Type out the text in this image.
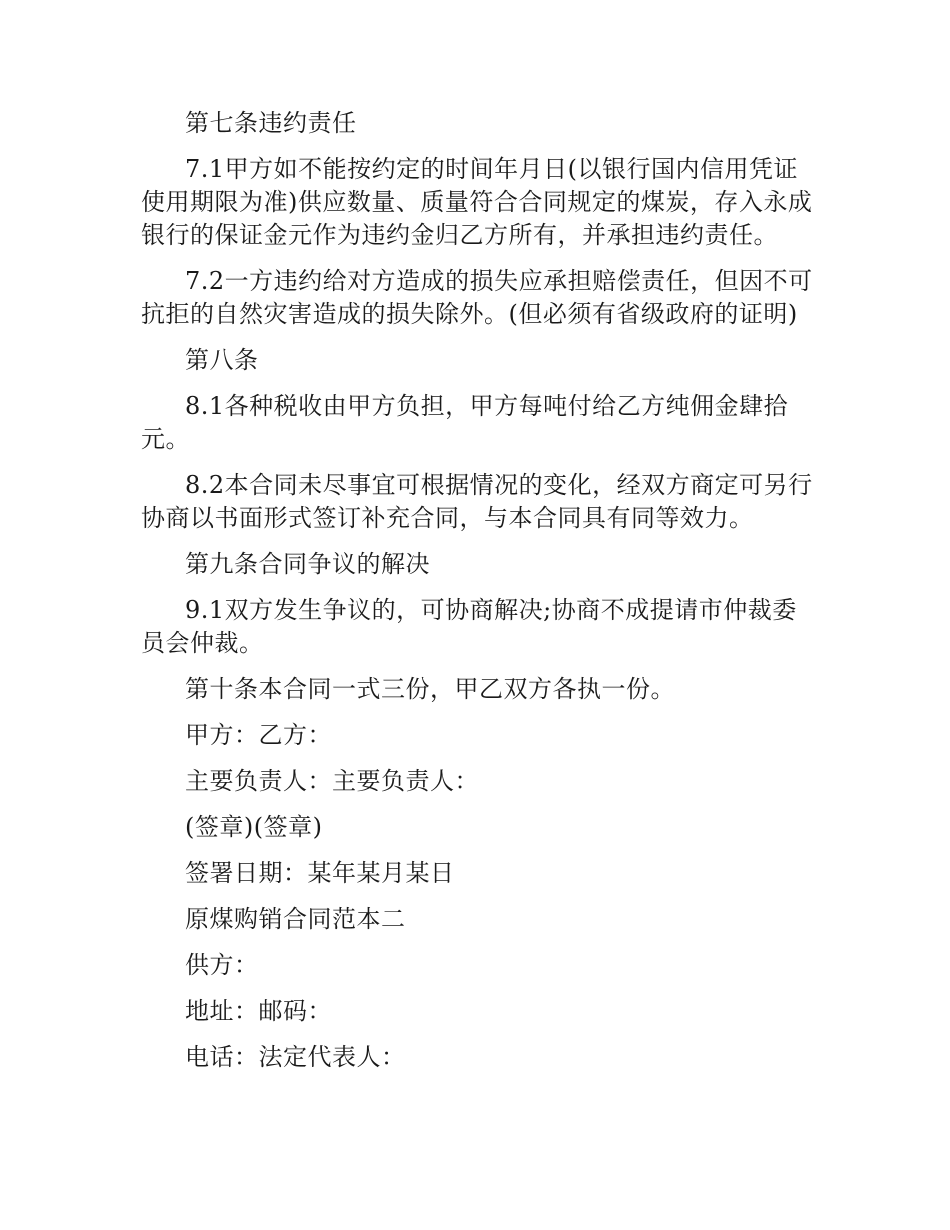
第七条违约责任

7.1甲方如不能按约定的时间年月日(以银行国内信用凭证使用期限为准)供应数量、质量符合合同规定的煤炭，存入永成银行的保证金元作为违约金归乙方所有，并承担违约责任。

7.2一方违约给对方造成的损失应承担赔偿责任，但因不可抗拒的自然灾害造成的损失除外。(但必须有省级政府的证明)

第八条

8.1各种税收由甲方负担，甲方每吨付给乙方纯佣金肆拾元。

8.2本合同未尽事宜可根据情况的变化，经双方商定可另行协商以书面形式签订补充合同，与本合同具有同等效力。

第九条合同争议的解决

9.1双方发生争议的，可协商解决;协商不成提请市仲裁委员会仲裁。

第十条本合同一式三份，甲乙双方各执一份。

甲方：乙方：

主要负责人：主要负责人：

(签章)(签章)

签署日期：某年某月某日

原煤购销合同范本二

供方：

地址：邮码：

电话：法定代表人：
